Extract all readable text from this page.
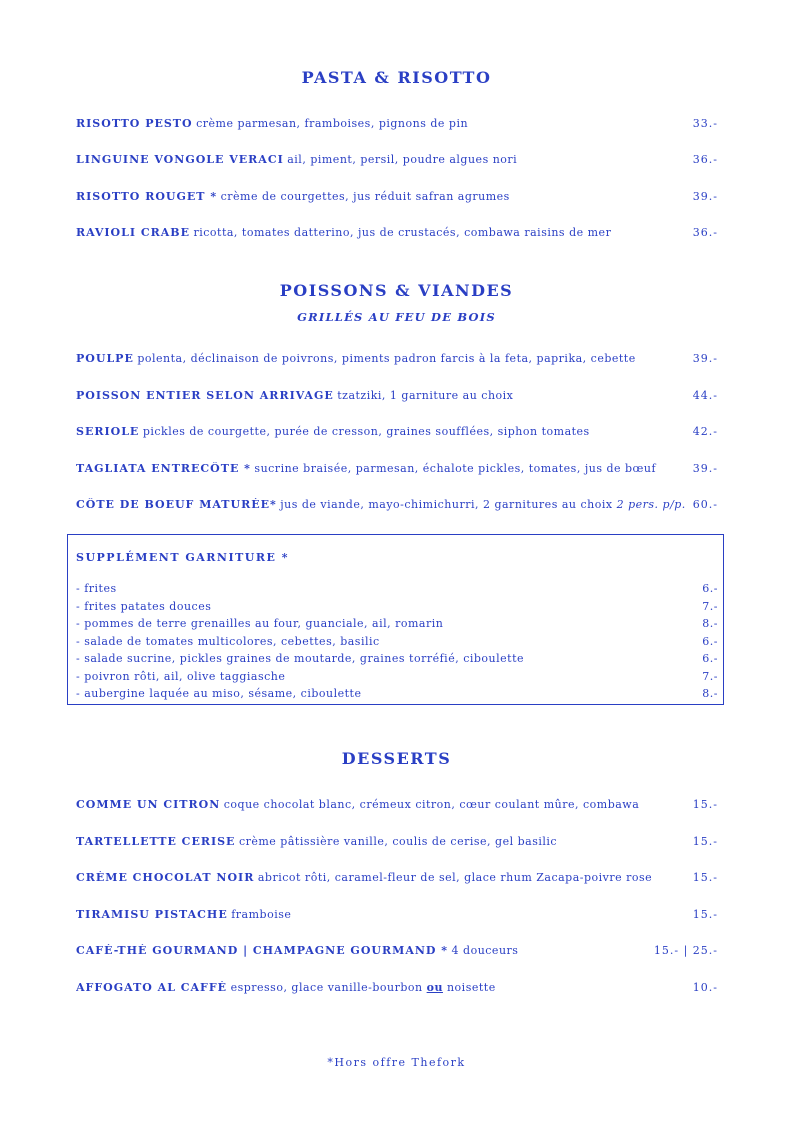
PASTA & RISOTTO
RISOTTO PESTO crème parmesan, framboises, pignons de pin	33.-
LINGUINE VONGOLE VERACI ail, piment, persil, poudre algues nori	36.-
RISOTTO ROUGET * crème de courgettes, jus réduit safran agrumes	39.-
RAVIOLI CRABE ricotta, tomates datterino, jus de crustacés, combawa raisins de mer	36.-
POISSONS & VIANDES
GRILLÉS AU FEU DE BOIS
POULPE polenta, déclinaison de poivrons, piments padron farcis à la feta, paprika, cebette	39.-
POISSON ENTIER SELON ARRIVAGE tzatziki, 1 garniture au choix	44.-
SERIOLE pickles de courgette, purée de cresson, graines soufflées, siphon tomates	42.-
TAGLIATA ENTRECÔTE * sucrine braisée, parmesan, échalote pickles, tomates, jus de bœuf	39.-
CÔTE DE BOEUF MATURÉE* jus de viande, mayo-chimichurri, 2 garnitures au choix 2 pers. p/p. 60.-
SUPPLÉMENT GARNITURE *
- frites	6.-
- frites patates douces	7.-
- pommes de terre grenailles au four, guanciale, ail, romarin	8.-
- salade de tomates multicolores, cebettes, basilic	6.-
- salade sucrine, pickles graines de moutarde, graines torréfié, ciboulette	6.-
- poivron rôti, ail, olive taggiasche	7.-
- aubergine laquée au miso, sésame, ciboulette	8.-
DESSERTS
COMME UN CITRON coque chocolat blanc, crémeux citron, cœur coulant mûre, combawa	15.-
TARTELLETTE CERISE crème pâtissière vanille, coulis de cerise, gel basilic	15.-
CRÈME CHOCOLAT NOIR abricot rôti, caramel-fleur de sel, glace rhum Zacapa-poivre rose	15.-
TIRAMISU PISTACHE framboise	15.-
CAFÉ-THÉ GOURMAND | CHAMPAGNE GOURMAND * 4 douceurs	15.- | 25.-
AFFOGATO AL CAFFÈ espresso, glace vanille-bourbon ou noisette	10.-
*Hors offre Thefork
